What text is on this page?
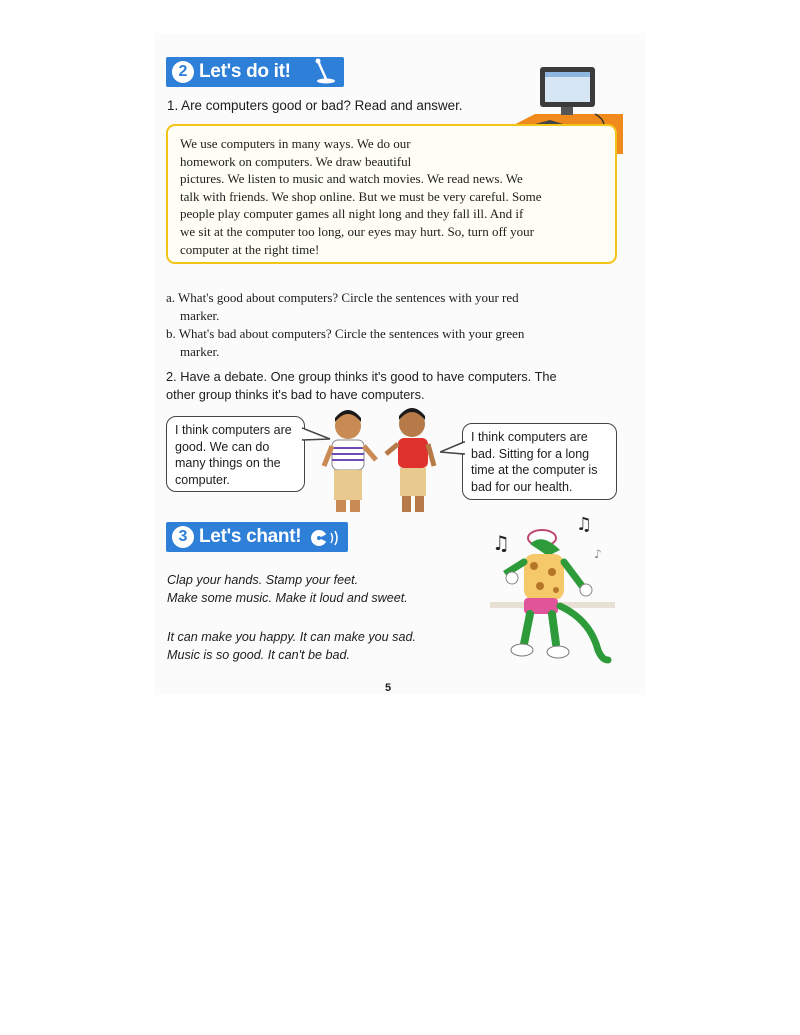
2 Let's do it!
1. Are computers good or bad? Read and answer.

We use computers in many ways. We do our

homework on computers. We draw beautiful

pictures. We listen to music and watch movies. We read news. We

talk with friends. We shop online. But we must be very careful. Some

people play computer games all night long and they fall ill. And if

we sit at the computer too long, our eyes may hurt. So, turn off your

computer at the right time!

a. What's good about computers? Circle the sentences with your red
marker.
b. What's bad about computers? Circle the sentences with your green
marker.
2. Have a debate. One group thinks it's good to have computers. The
other group thinks it's bad to have computers.
I think computers are
good. We can do
many things on the
computer.
I think computers are
bad. Sitting for a long
time at the computer is
bad for our health.
3 Let's chant!
Clap your hands. Stamp your feet.
Make some music. Make it loud and sweet.
It can make you happy. It can make you sad.
Music is so good. It can't be bad.
♫
♫
♪
5
